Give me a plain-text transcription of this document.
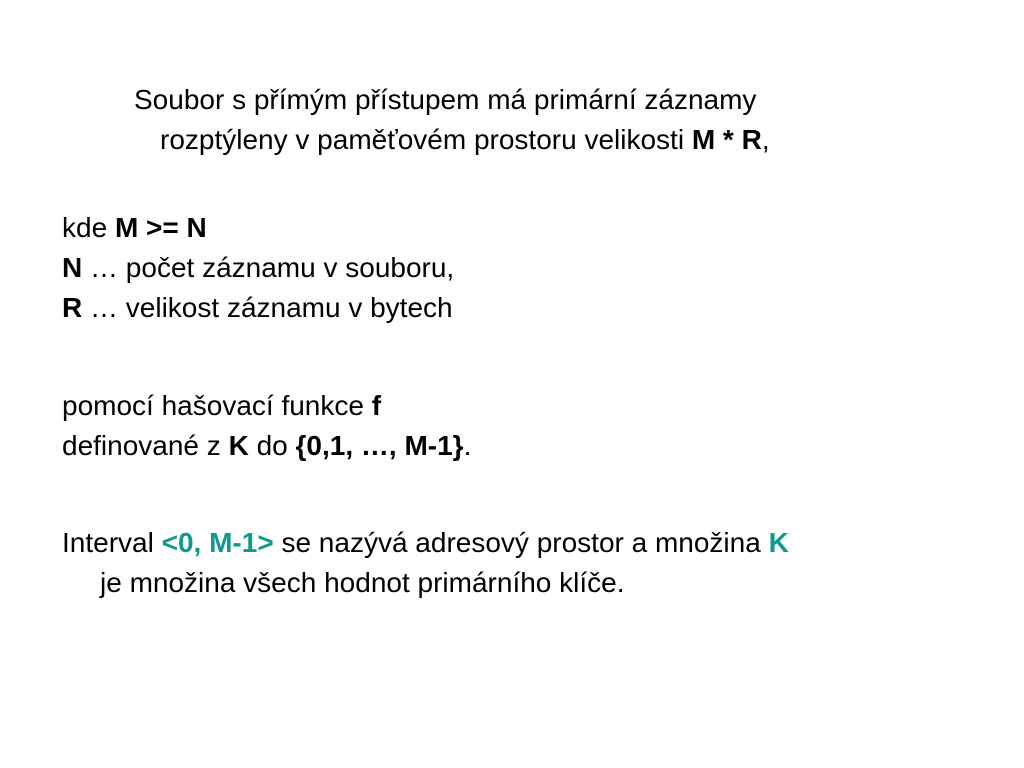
Soubor s přímým přístupem má primární záznamy
rozptýleny v paměťovém prostoru velikosti M * R,

kde M >= N
N … počet záznamu v souboru,
R … velikost záznamu v bytech

pomocí hašovací funkce f
definované z K do {0,1, …, M-1}.

Interval <0, M-1> se nazývá adresový prostor a množina K
je množina všech hodnot primárního klíče.
